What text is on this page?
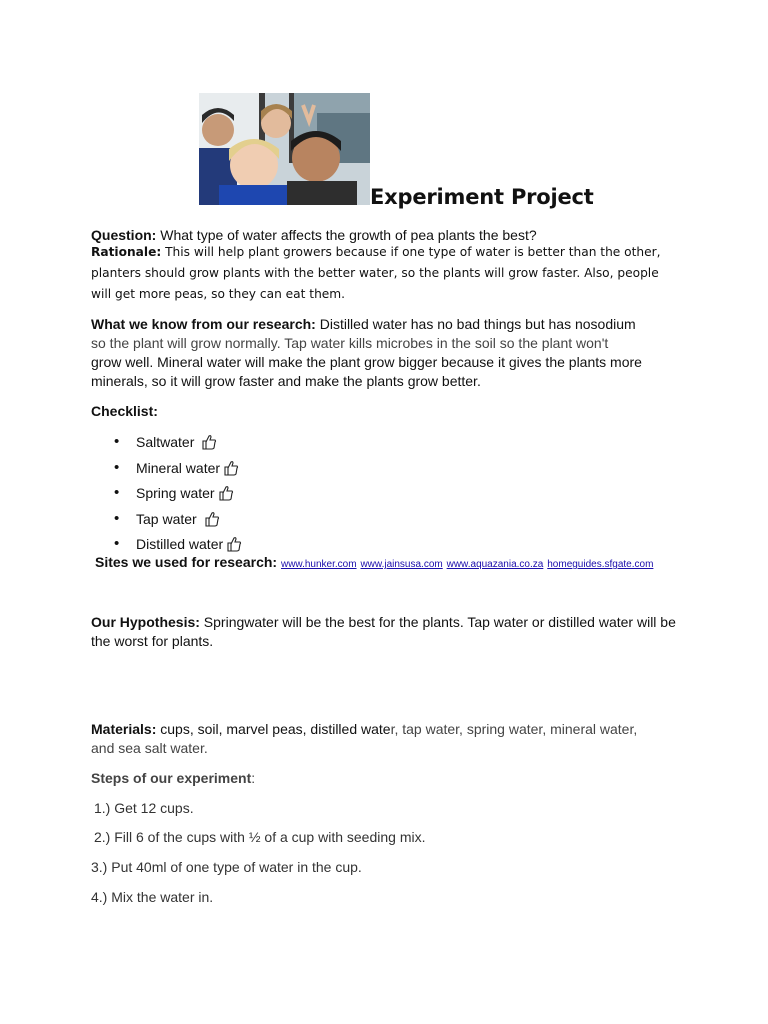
Experiment Project
Question: What type of water affects the growth of pea plants the best?
Rationale: This will help plant growers because if one type of water is better than the other, planters should grow plants with the better water, so the plants will grow faster. Also, people will get more peas, so they can eat them.
What we know from our research: Distilled water has no bad things but has nosodium
so the plant will grow normally. Tap water kills microbes in the soil so the plant won't
grow well. Mineral water will make the plant grow bigger because it gives the plants more minerals, so it will grow faster and make the plants grow better.
Checklist:
• Saltwater
• Mineral water
• Spring water
• Tap water
• Distilled water
Sites we used for research: www.hunker.com www.jainsusa.com www.aquazania.co.za homeguides.sfgate.com
Our Hypothesis: Springwater will be the best for the plants. Tap water or distilled water will be the worst for plants.
Materials: cups, soil, marvel peas, distilled water, tap water, spring water, mineral water, and sea salt water.
Steps of our experiment:
1.) Get 12 cups.
2.) Fill 6 of the cups with ½ of a cup with seeding mix.
3.) Put 40ml of one type of water in the cup.
4.) Mix the water in.
